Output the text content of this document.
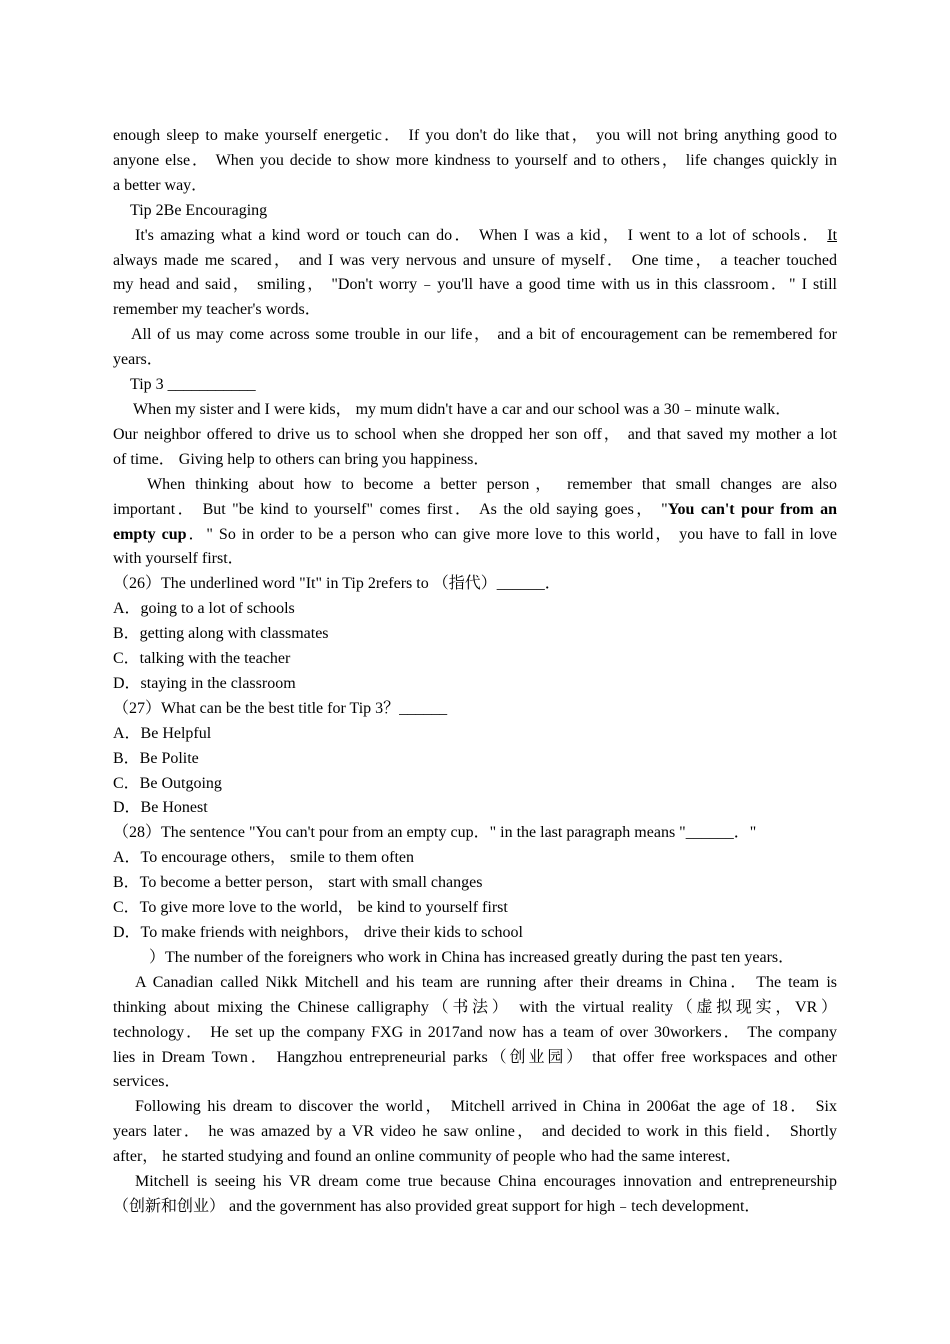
enough sleep to make yourself energetic． If you don't do like that， you will not bring anything good to

anyone else． When you decide to show more kindness to yourself and to others， life changes quickly in

a better way．

Tip 2Be Encouraging

It's amazing what a kind word or touch can do． When I was a kid， I went to a lot of schools． It

always made me scared， and I was very nervous and unsure of myself． One time， a teacher touched

my head and said， smiling， "Don't worry﹣you'll have a good time with us in this classroom．" I still

remember my teacher's words．

All of us may come across some trouble in our life， and a bit of encouragement can be remembered for

years．

Tip 3 ___________

When my sister and I were kids， my mum didn't have a car and our school was a 30﹣minute walk．

Our neighbor offered to drive us to school when she dropped her son off， and that saved my mother a lot

of time． Giving help to others can bring you happiness．

When thinking about how to become a better person， remember that small changes are also

important． But "be kind to yourself" comes first． As the old saying goes， "You can't pour from an

empty cup．" So in order to be a person who can give more love to this world， you have to fall in love

with yourself first．

（26）The underlined word "It" in Tip 2refers to （指代）______．

A．going to a lot of schools

B．getting along with classmates

C．talking with the teacher

D．staying in the classroom

（27）What can be the best title for Tip 3？______

A．Be Helpful

B．Be Polite

C．Be Outgoing

D．Be Honest

（28）The sentence "You can't pour from an empty cup．" in the last paragraph means "______．"

A．To encourage others， smile to them often

B．To become a better person， start with small changes

C．To give more love to the world， be kind to yourself first

D．To make friends with neighbors， drive their kids to school

）The number of the foreigners who work in China has increased greatly during the past ten years．

A Canadian called Nikk Mitchell and his team are running after their dreams in China． The team is

thinking about mixing the Chinese calligraphy（书法） with the virtual reality（虚拟现实，VR）

technology． He set up the company FXG in 2017and now has a team of over 30workers． The company

lies in Dream Town． Hangzhou entrepreneurial parks（创业园） that offer free workspaces and other

services．

Following his dream to discover the world， Mitchell arrived in China in 2006at the age of 18． Six

years later． he was amazed by a VR video he saw online， and decided to work in this field． Shortly

after， he started studying and found an online community of people who had the same interest．

Mitchell is seeing his VR dream come true because China encourages innovation and entrepreneurship

（创新和创业） and the government has also provided great support for high﹣tech development．
